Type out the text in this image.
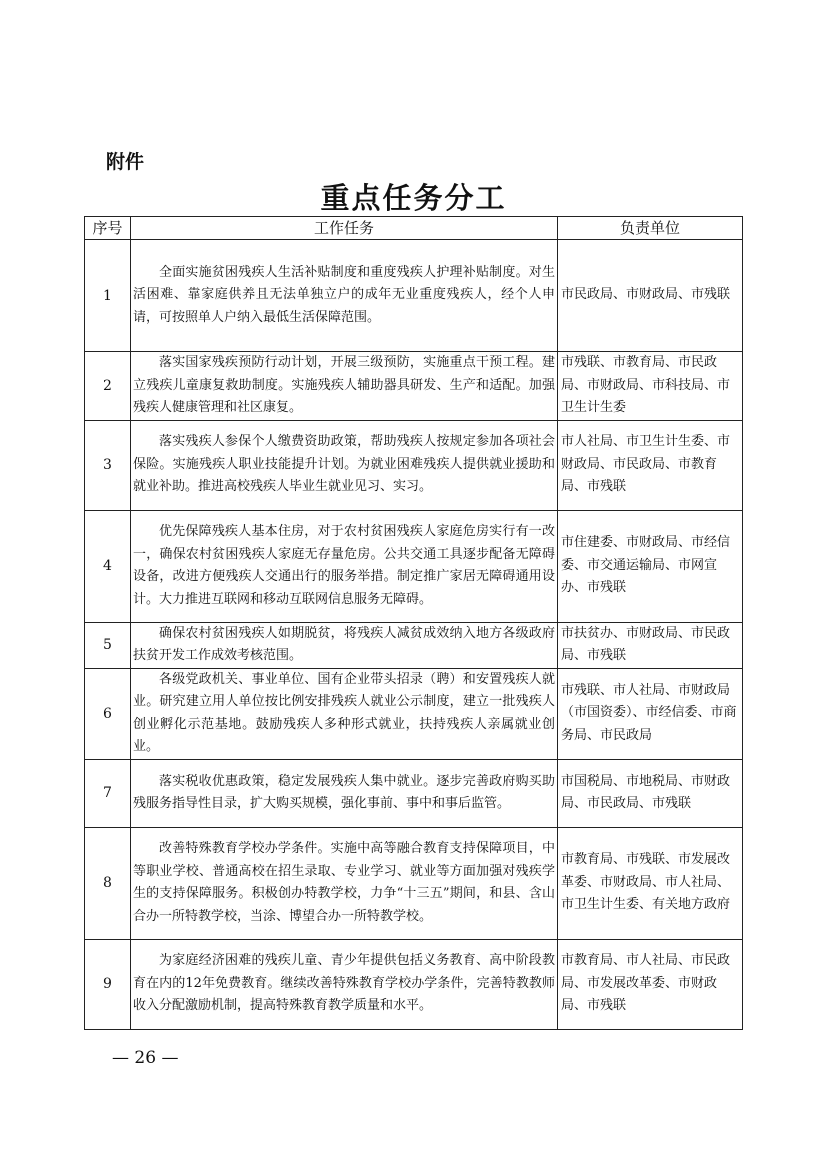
附件
重点任务分工
序号	工作任务	负责单位
1	全面实施贫困残疾人生活补贴制度和重度残疾人护理补贴制度。对生活困难、靠家庭供养且无法单独立户的成年无业重度残疾人，经个人申请，可按照单人户纳入最低生活保障范围。	市民政局、市财政局、市残联
2	落实国家残疾预防行动计划，开展三级预防，实施重点干预工程。建立残疾儿童康复救助制度。实施残疾人辅助器具研发、生产和适配。加强残疾人健康管理和社区康复。	市残联、市教育局、市民政局、市财政局、市科技局、市卫生计生委
3	落实残疾人参保个人缴费资助政策，帮助残疾人按规定参加各项社会保险。实施残疾人职业技能提升计划。为就业困难残疾人提供就业援助和就业补助。推进高校残疾人毕业生就业见习、实习。	市人社局、市卫生计生委、市财政局、市民政局、市教育局、市残联
4	优先保障残疾人基本住房，对于农村贫困残疾人家庭危房实行有一改一，确保农村贫困残疾人家庭无存量危房。公共交通工具逐步配备无障碍设备，改进方便残疾人交通出行的服务举措。制定推广家居无障碍通用设计。大力推进互联网和移动互联网信息服务无障碍。	市住建委、市财政局、市经信委、市交通运输局、市网宣办、市残联
5	确保农村贫困残疾人如期脱贫，将残疾人减贫成效纳入地方各级政府扶贫开发工作成效考核范围。	市扶贫办、市财政局、市民政局、市残联
6	各级党政机关、事业单位、国有企业带头招录（聘）和安置残疾人就业。研究建立用人单位按比例安排残疾人就业公示制度，建立一批残疾人创业孵化示范基地。鼓励残疾人多种形式就业，扶持残疾人亲属就业创业。	市残联、市人社局、市财政局（市国资委）、市经信委、市商务局、市民政局
7	落实税收优惠政策，稳定发展残疾人集中就业。逐步完善政府购买助残服务指导性目录，扩大购买规模，强化事前、事中和事后监管。	市国税局、市地税局、市财政局、市民政局、市残联
8	改善特殊教育学校办学条件。实施中高等融合教育支持保障项目，中等职业学校、普通高校在招生录取、专业学习、就业等方面加强对残疾学生的支持保障服务。积极创办特教学校，力争“十三五”期间，和县、含山合办一所特教学校，当涂、博望合办一所特教学校。	市教育局、市残联、市发展改革委、市财政局、市人社局、市卫生计生委、有关地方政府
9	为家庭经济困难的残疾儿童、青少年提供包括义务教育、高中阶段教育在内的12年免费教育。继续改善特殊教育学校办学条件，完善特教教师收入分配激励机制，提高特殊教育教学质量和水平。	市教育局、市人社局、市民政局、市发展改革委、市财政局、市残联
— 26 —
